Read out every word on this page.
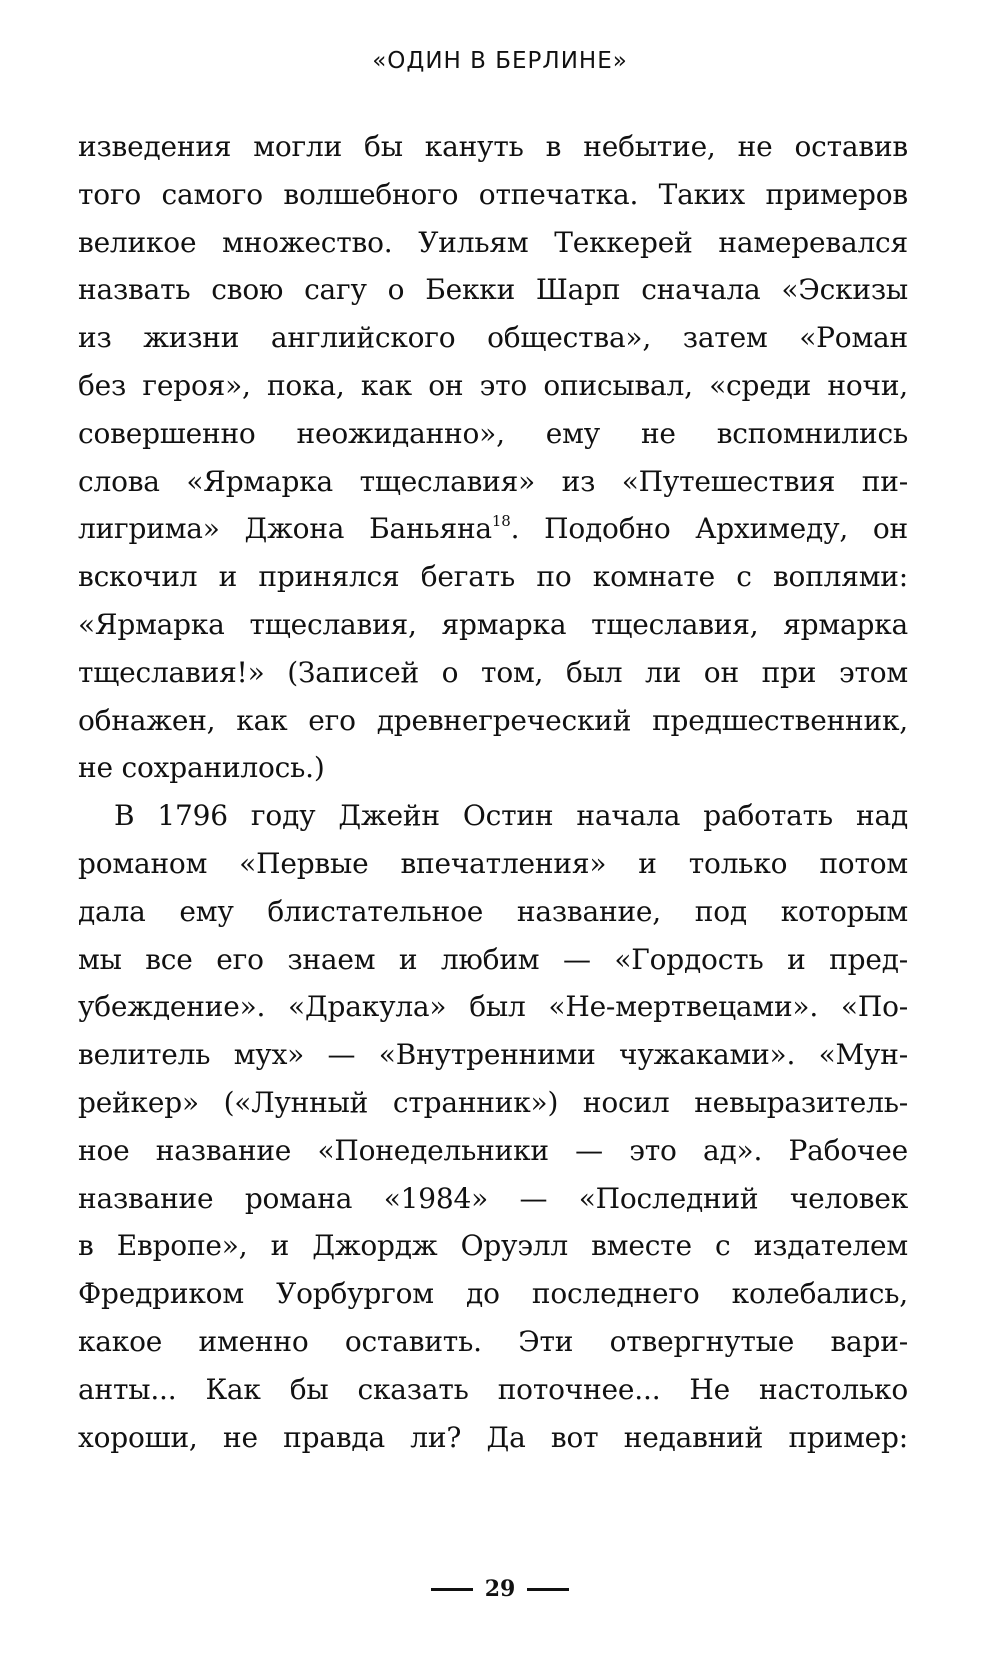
«ОДИН В БЕРЛИНЕ»
изведения могли бы кануть в небытие, не оставив
того самого волшебного отпечатка. Таких примеров
великое множество. Уильям Теккерей намеревался
назвать свою сагу о Бекки Шарп сначала «Эскизы
из жизни английского общества», затем «Роман
без героя», пока, как он это описывал, «среди ночи,
совершенно неожиданно», ему не вспомнились
слова «Ярмарка тщеславия» из «Путешествия пи-
лигрима» Джона Баньяна$^{18}$. Подобно Архимеду, он
вскочил и принялся бегать по комнате с воплями:
«Ярмарка тщеславия, ярмарка тщеславия, ярмарка
тщеславия!» (Записей о том, был ли он при этом
обнажен, как его древнегреческий предшественник,
не сохранилось.)
В 1796 году Джейн Остин начала работать над
романом «Первые впечатления» и только потом
дала ему блистательное название, под которым
мы все его знаем и любим — «Гордость и пред-
убеждение». «Дракула» был «Не-мертвецами». «По-
велитель мух» — «Внутренними чужаками». «Мун-
рейкер» («Лунный странник») носил невыразитель-
ное название «Понедельники — это ад». Рабочее
название романа «1984» — «Последний человек
в Европе», и Джордж Оруэлл вместе с издателем
Фредриком Уорбургом до последнего колебались,
какое именно оставить. Эти отвергнутые вари-
анты... Как бы сказать поточнее... Не настолько
хороши, не правда ли? Да вот недавний пример:
29
